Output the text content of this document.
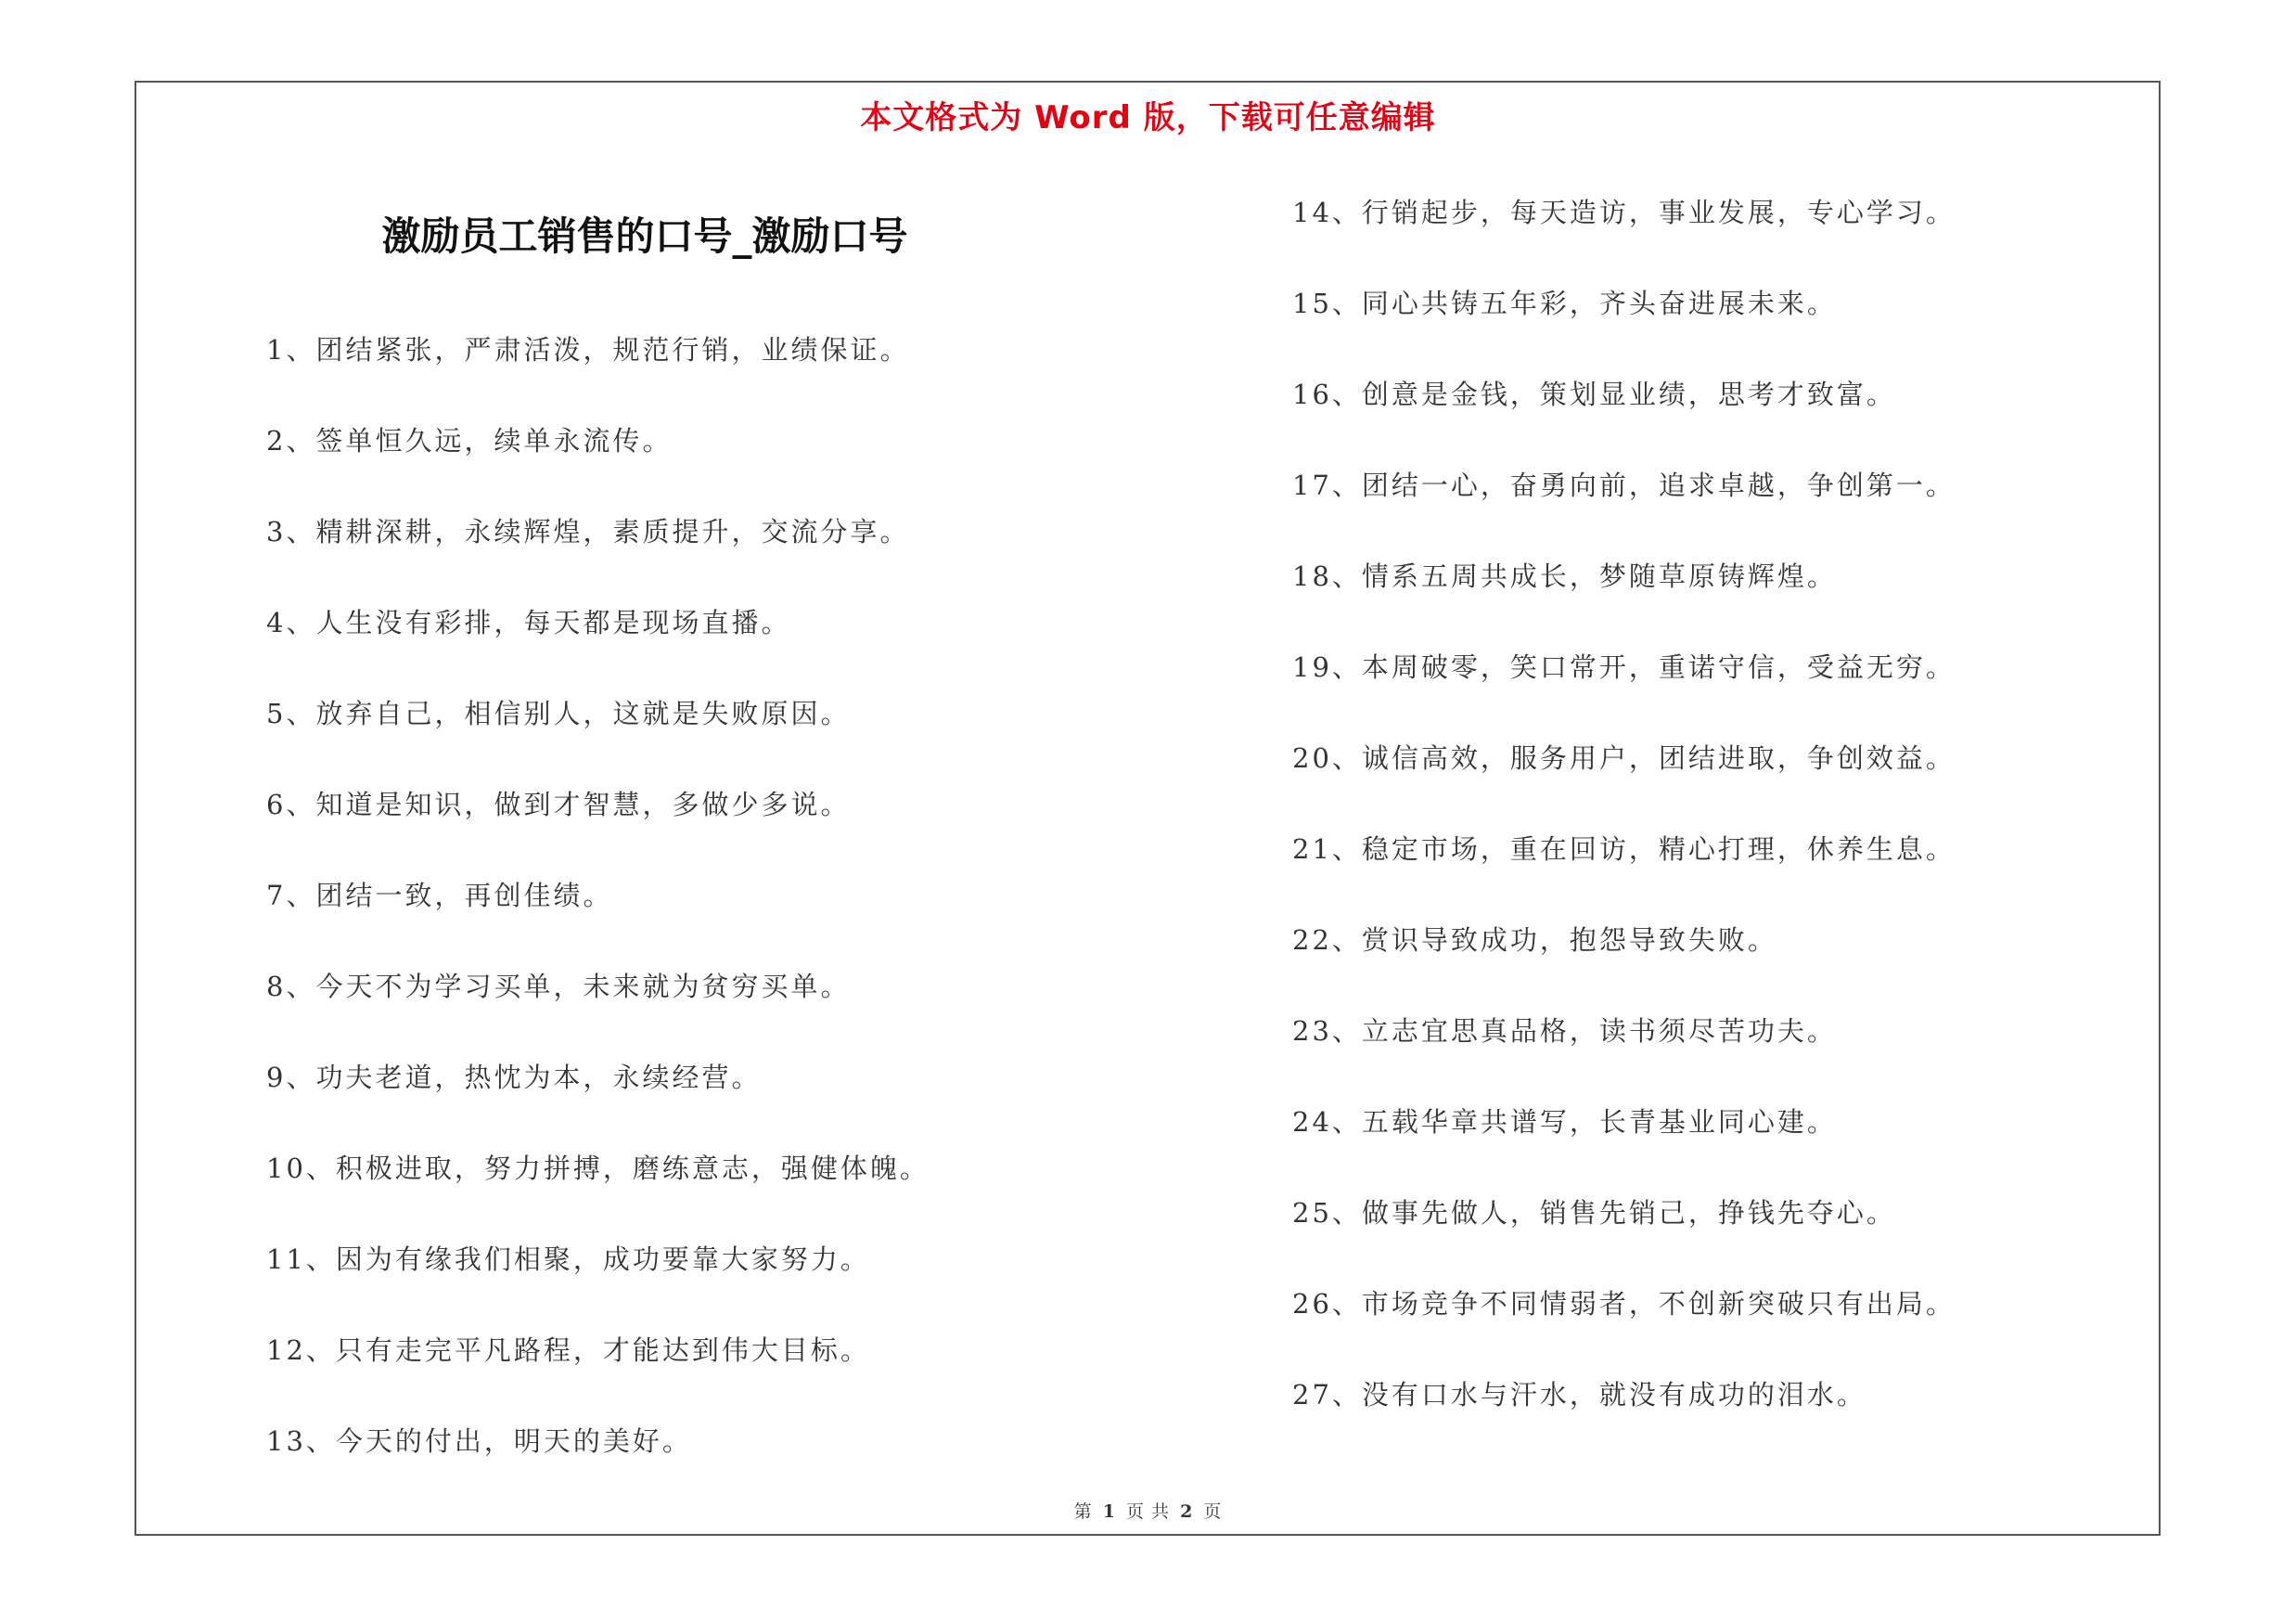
本文格式为 Word 版，下载可任意编辑
激励员工销售的口号_激励口号
1、团结紧张，严肃活泼，规范行销，业绩保证。
2、签单恒久远，续单永流传。
3、精耕深耕，永续辉煌，素质提升，交流分享。
4、人生没有彩排，每天都是现场直播。
5、放弃自己，相信别人，这就是失败原因。
6、知道是知识，做到才智慧，多做少多说。
7、团结一致，再创佳绩。
8、今天不为学习买单，未来就为贫穷买单。
9、功夫老道，热忱为本，永续经营。
10、积极进取，努力拼搏，磨练意志，强健体魄。
11、因为有缘我们相聚，成功要靠大家努力。
12、只有走完平凡路程，才能达到伟大目标。
13、今天的付出，明天的美好。
14、行销起步，每天造访，事业发展，专心学习。
15、同心共铸五年彩，齐头奋进展未来。
16、创意是金钱，策划显业绩，思考才致富。
17、团结一心，奋勇向前，追求卓越，争创第一。
18、情系五周共成长，梦随草原铸辉煌。
19、本周破零，笑口常开，重诺守信，受益无穷。
20、诚信高效，服务用户，团结进取，争创效益。
21、稳定市场，重在回访，精心打理，休养生息。
22、赏识导致成功，抱怨导致失败。
23、立志宜思真品格，读书须尽苦功夫。
24、五载华章共谱写，长青基业同心建。
25、做事先做人，销售先销己，挣钱先夺心。
26、市场竞争不同情弱者，不创新突破只有出局。
27、没有口水与汗水，就没有成功的泪水。
第 1 页 共 2 页
